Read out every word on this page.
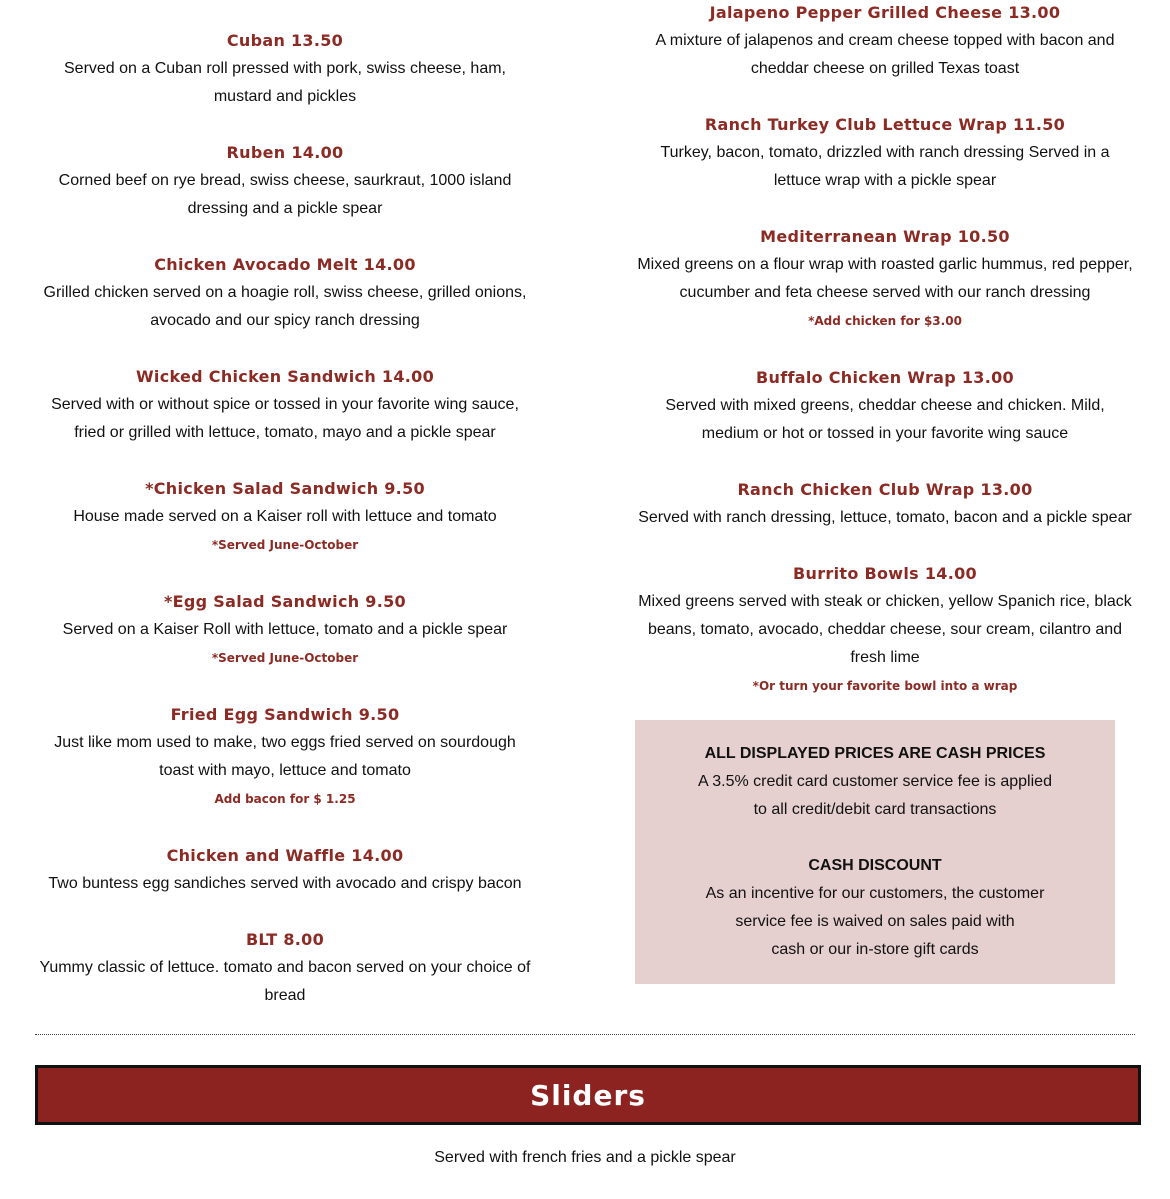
Cuban 13.50
Served on a Cuban roll pressed with pork, swiss cheese, ham,
mustard and pickles
Ruben 14.00
Corned beef on rye bread, swiss cheese, saurkraut, 1000 island
dressing and a pickle spear
Chicken Avocado Melt 14.00
Grilled chicken served on a hoagie roll, swiss cheese, grilled onions,
avocado and our spicy ranch dressing
Wicked Chicken Sandwich 14.00
Served with or without spice or tossed in your favorite wing sauce,
fried or grilled with lettuce, tomato, mayo and a pickle spear
*Chicken Salad Sandwich 9.50
House made served on a Kaiser roll with lettuce and tomato
*Served June-October
*Egg Salad Sandwich 9.50
Served on a Kaiser Roll with lettuce, tomato and a pickle spear
*Served June-October
Fried Egg Sandwich 9.50
Just like mom used to make, two eggs fried served on sourdough
toast with mayo, lettuce and tomato
Add bacon for $ 1.25
Chicken and Waffle 14.00
Two buntess egg sandiches served with avocado and crispy bacon
BLT 8.00
Yummy classic of lettuce. tomato and bacon served on your choice of
bread
Jalapeno Pepper Grilled Cheese 13.00
A mixture of jalapenos and cream cheese topped with bacon and
cheddar cheese on grilled Texas toast
Ranch Turkey Club Lettuce Wrap 11.50
Turkey, bacon, tomato, drizzled with ranch dressing Served in a
lettuce wrap with a pickle spear
Mediterranean Wrap 10.50
Mixed greens on a flour wrap with roasted garlic hummus, red pepper,
cucumber and feta cheese served with our ranch dressing
*Add chicken for $3.00
Buffalo Chicken Wrap 13.00
Served with mixed greens, cheddar cheese and chicken. Mild,
medium or hot or tossed in your favorite wing sauce
Ranch Chicken Club Wrap 13.00
Served with ranch dressing, lettuce, tomato, bacon and a pickle spear
Burrito Bowls 14.00
Mixed greens served with steak or chicken, yellow Spanich rice, black
beans, tomato, avocado, cheddar cheese, sour cream, cilantro and
fresh lime
*Or turn your favorite bowl into a wrap
ALL DISPLAYED PRICES ARE CASH PRICES
A 3.5% credit card customer service fee is applied
to all credit/debit card transactions
CASH DISCOUNT
As an incentive for our customers, the customer
service fee is waived on sales paid with
cash or our in-store gift cards
Sliders
Served with french fries and a pickle spear
